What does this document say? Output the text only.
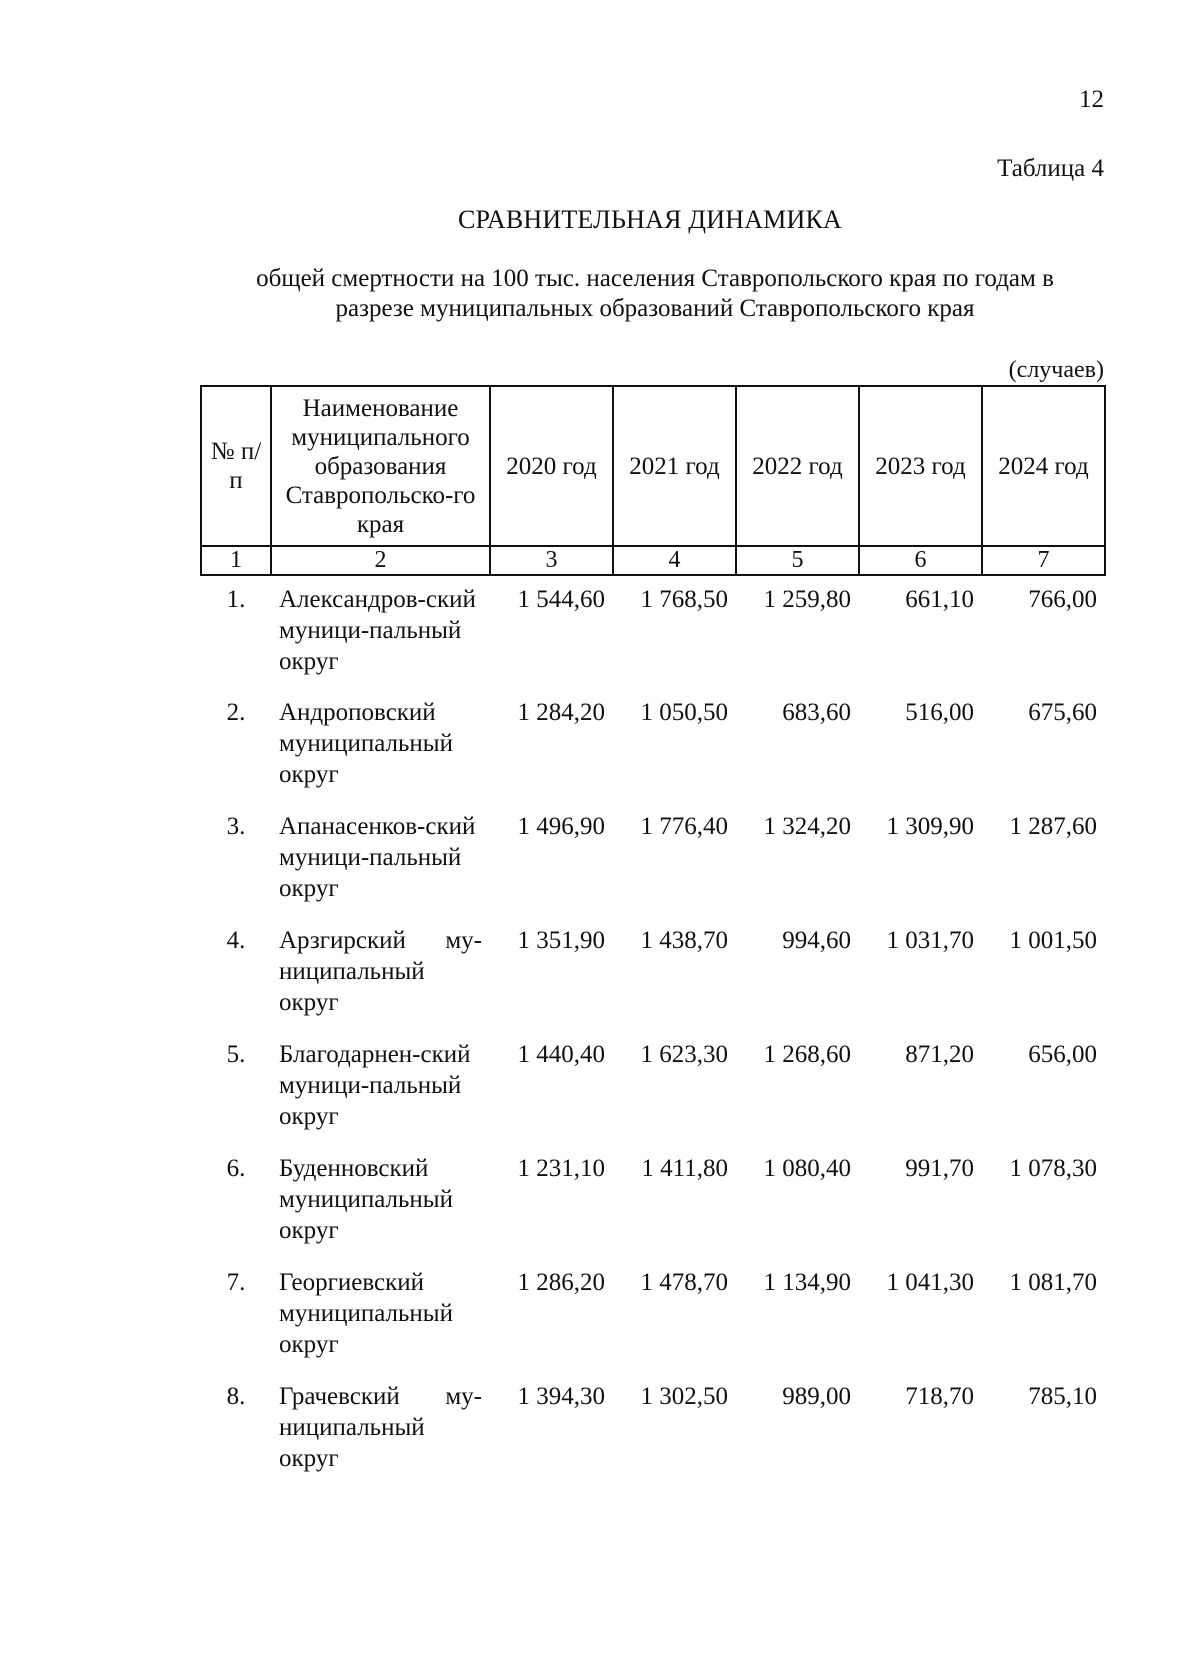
12
Таблица 4
СРАВНИТЕЛЬНАЯ ДИНАМИКА
общей смертности на 100 тыс. населения Ставропольского края по годам в разрезе муниципальных образований Ставропольского края
(случаев)
№ п/п	Наименование муниципального образования Ставропольско-го края	2020 год	2021 год	2022 год	2023 год	2024 год
1	2	3	4	5	6	7
1.	Александров-ский муници-пальный округ	1 544,60	1 768,50	1 259,80	661,10	766,00
2.	Андроповский муниципальный округ	1 284,20	1 050,50	683,60	516,00	675,60
3.	Апанасенков-ский муници-пальный округ	1 496,90	1 776,40	1 324,20	1 309,90	1 287,60
4.	Арзгирский му-ниципальный округ	1 351,90	1 438,70	994,60	1 031,70	1 001,50
5.	Благодарнен-ский муници-пальный округ	1 440,40	1 623,30	1 268,60	871,20	656,00
6.	Буденновский муниципальный округ	1 231,10	1 411,80	1 080,40	991,70	1 078,30
7.	Георгиевский муниципальный округ	1 286,20	1 478,70	1 134,90	1 041,30	1 081,70
8.	Грачевский му-ниципальный округ	1 394,30	1 302,50	989,00	718,70	785,10
